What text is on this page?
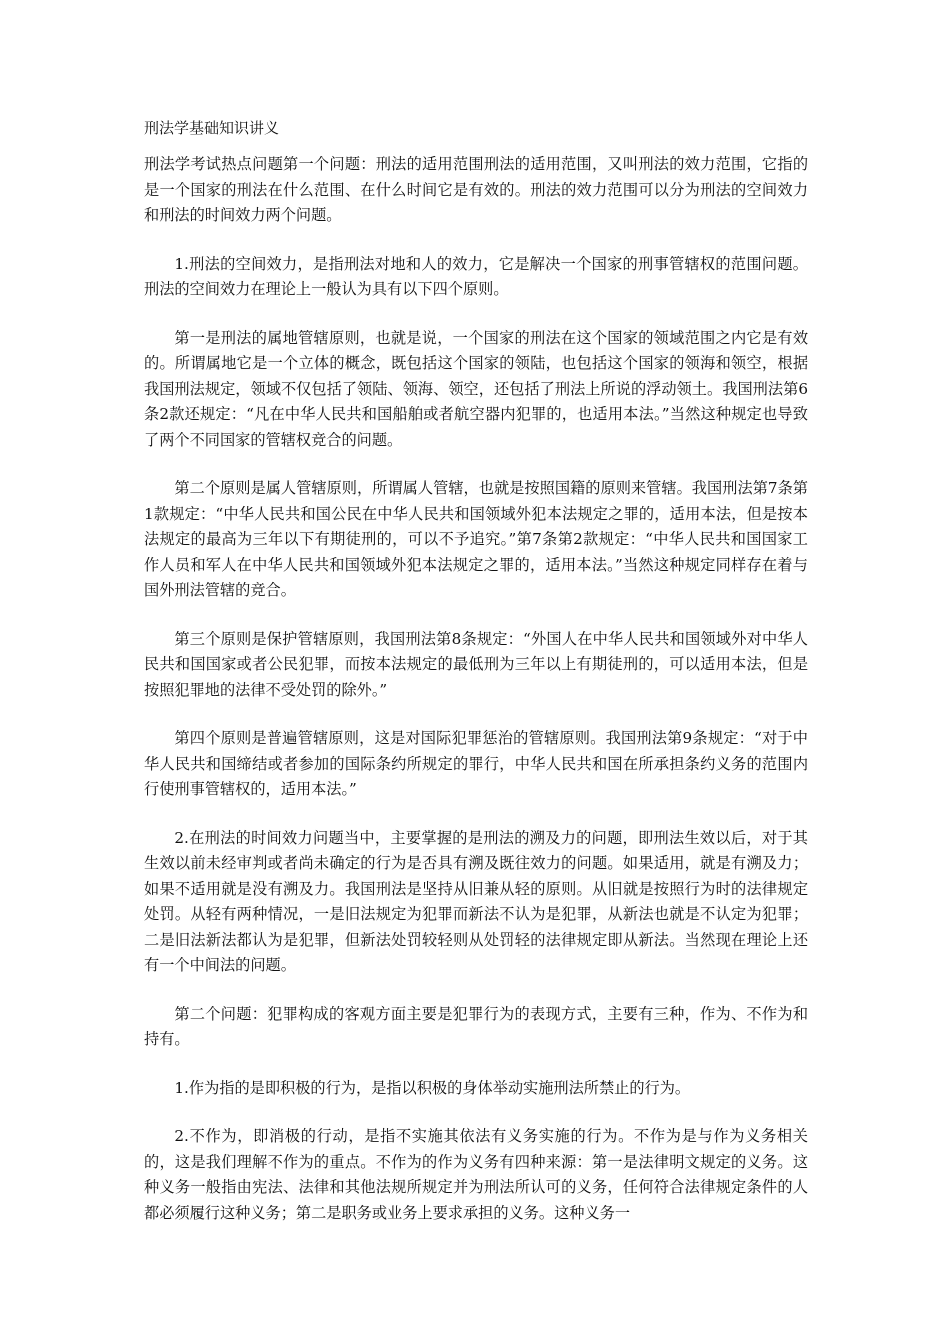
刑法学基础知识讲义

刑法学考试热点问题第一个问题：刑法的适用范围刑法的适用范围，又叫刑法的效力范围，它指的是一个国家的刑法在什么范围、在什么时间它是有效的。刑法的效力范围可以分为刑法的空间效力和刑法的时间效力两个问题。

1.刑法的空间效力，是指刑法对地和人的效力，它是解决一个国家的刑事管辖权的范围问题。刑法的空间效力在理论上一般认为具有以下四个原则。

第一是刑法的属地管辖原则，也就是说，一个国家的刑法在这个国家的领域范围之内它是有效的。所谓属地它是一个立体的概念，既包括这个国家的领陆，也包括这个国家的领海和领空，根据我国刑法规定，领域不仅包括了领陆、领海、领空，还包括了刑法上所说的浮动领土。我国刑法第6条2款还规定：“凡在中华人民共和国船舶或者航空器内犯罪的，也适用本法。”当然这种规定也导致了两个不同国家的管辖权竞合的问题。

第二个原则是属人管辖原则，所谓属人管辖，也就是按照国籍的原则来管辖。我国刑法第7条第1款规定：“中华人民共和国公民在中华人民共和国领域外犯本法规定之罪的，适用本法，但是按本法规定的最高为三年以下有期徒刑的，可以不予追究。”第7条第2款规定：“中华人民共和国国家工作人员和军人在中华人民共和国领域外犯本法规定之罪的，适用本法。”当然这种规定同样存在着与国外刑法管辖的竞合。

第三个原则是保护管辖原则，我国刑法第8条规定：“外国人在中华人民共和国领域外对中华人民共和国国家或者公民犯罪，而按本法规定的最低刑为三年以上有期徒刑的，可以适用本法，但是按照犯罪地的法律不受处罚的除外。”

第四个原则是普遍管辖原则，这是对国际犯罪惩治的管辖原则。我国刑法第9条规定：“对于中华人民共和国缔结或者参加的国际条约所规定的罪行，中华人民共和国在所承担条约义务的范围内行使刑事管辖权的，适用本法。”

2.在刑法的时间效力问题当中，主要掌握的是刑法的溯及力的问题，即刑法生效以后，对于其生效以前未经审判或者尚未确定的行为是否具有溯及既往效力的问题。如果适用，就是有溯及力；如果不适用就是没有溯及力。我国刑法是坚持从旧兼从轻的原则。从旧就是按照行为时的法律规定处罚。从轻有两种情况，一是旧法规定为犯罪而新法不认为是犯罪，从新法也就是不认定为犯罪；二是旧法新法都认为是犯罪，但新法处罚较轻则从处罚轻的法律规定即从新法。当然现在理论上还有一个中间法的问题。

第二个问题：犯罪构成的客观方面主要是犯罪行为的表现方式，主要有三种，作为、不作为和持有。

1.作为指的是即积极的行为，是指以积极的身体举动实施刑法所禁止的行为。

2.不作为，即消极的行动，是指不实施其依法有义务实施的行为。不作为是与作为义务相关的，这是我们理解不作为的重点。不作为的作为义务有四种来源：第一是法律明文规定的义务。这种义务一般指由宪法、法律和其他法规所规定并为刑法所认可的义务，任何符合法律规定条件的人都必须履行这种义务；第二是职务或业务上要求承担的义务。这种义务一
